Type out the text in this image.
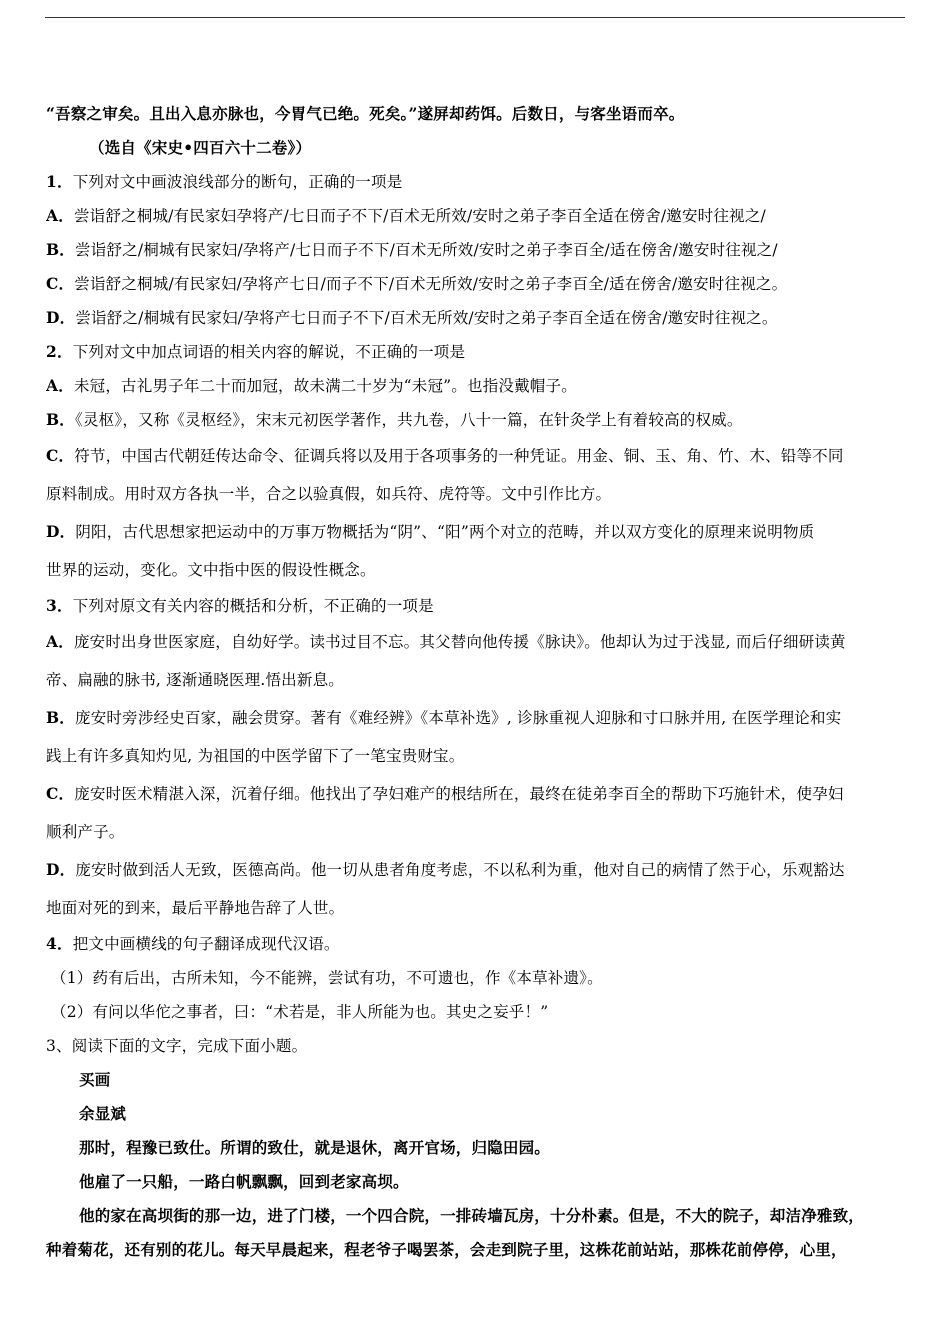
“吾察之审矣。且出入息亦脉也，今胃气已绝。死矣。”遂屏却药饵。后数日，与客坐语而卒。
（选自《宋史•四百六十二卷》）
1．下列对文中画波浪线部分的断句，正确的一项是
A．尝诣舒之桐城/有民家妇孕将产/七日而子不下/百术无所效/安时之弟子李百全适在傍舍/邀安时往视之/
B．尝诣舒之/桐城有民家妇/孕将产/七日而子不下/百术无所效/安时之弟子李百全/适在傍舍/邀安时往视之/
C．尝诣舒之桐城/有民家妇/孕将产七日/而子不下/百术无所效/安时之弟子李百全/适在傍舍/邀安时往视之。
D．尝诣舒之/桐城有民家妇/孕将产七日而子不下/百术无所效/安时之弟子李百全适在傍舍/邀安时往视之。
2．下列对文中加点词语的相关内容的解说，不正确的一项是
A．未冠，古礼男子年二十而加冠，故未满二十岁为“未冠”。也指没戴帽子。
B．《灵枢》，又称《灵枢经》，宋末元初医学著作，共九卷，八十一篇，在针灸学上有着较高的权威。
C．符节，中国古代朝廷传达命令、征调兵将以及用于各项事务的一种凭证。用金、铜、玉、角、竹、木、铅等不同
原料制成。用时双方各执一半，合之以验真假，如兵符、虎符等。文中引作比方。
D．阴阳，古代思想家把运动中的万事万物概括为“阴”、“阳”两个对立的范畴，并以双方变化的原理来说明物质
世界的运动，变化。文中指中医的假设性概念。
3．下列对原文有关内容的概括和分析，不正确的一项是
A．庞安时出身世医家庭，自幼好学。读书过目不忘。其父替向他传援《脉诀》。他却认为过于浅显, 而后仔细研读黄
帝、扁融的脉书, 逐渐通晓医理.悟出新息。
B．庞安时旁涉经史百家，融会贯穿。著有《难经辨》《本草补选》, 诊脉重视人迎脉和寸口脉并用, 在医学理论和实
践上有许多真知灼见, 为祖国的中医学留下了一笔宝贵财宝。
C．庞安时医术精湛入深，沉着仔细。他找出了孕妇难产的根结所在，最终在徒弟李百全的帮助下巧施针术，使孕妇
顺利产子。
D．庞安时做到活人无致，医德高尚。他一切从患者角度考虑，不以私利为重，他对自己的病情了然于心，乐观豁达
地面对死的到来，最后平静地告辞了人世。
4．把文中画横线的句子翻译成现代汉语。
（1）药有后出，古所未知，今不能辨，尝试有功，不可遗也，作《本草补遗》。
（2）有问以华佗之事者，曰：“术若是，非人所能为也。其史之妄乎！”
3、阅读下面的文字，完成下面小题。
买画
余显斌
那时，程豫已致仕。所谓的致仕，就是退休，离开官场，归隐田园。
他雇了一只船，一路白帆飘飘，回到老家高坝。
他的家在高坝街的那一边，进了门楼，一个四合院，一排砖墙瓦房，十分朴素。但是，不大的院子，却洁净雅致，
种着菊花，还有别的花儿。每天早晨起来，程老爷子喝罢茶，会走到院子里，这株花前站站，那株花前停停，心里，
